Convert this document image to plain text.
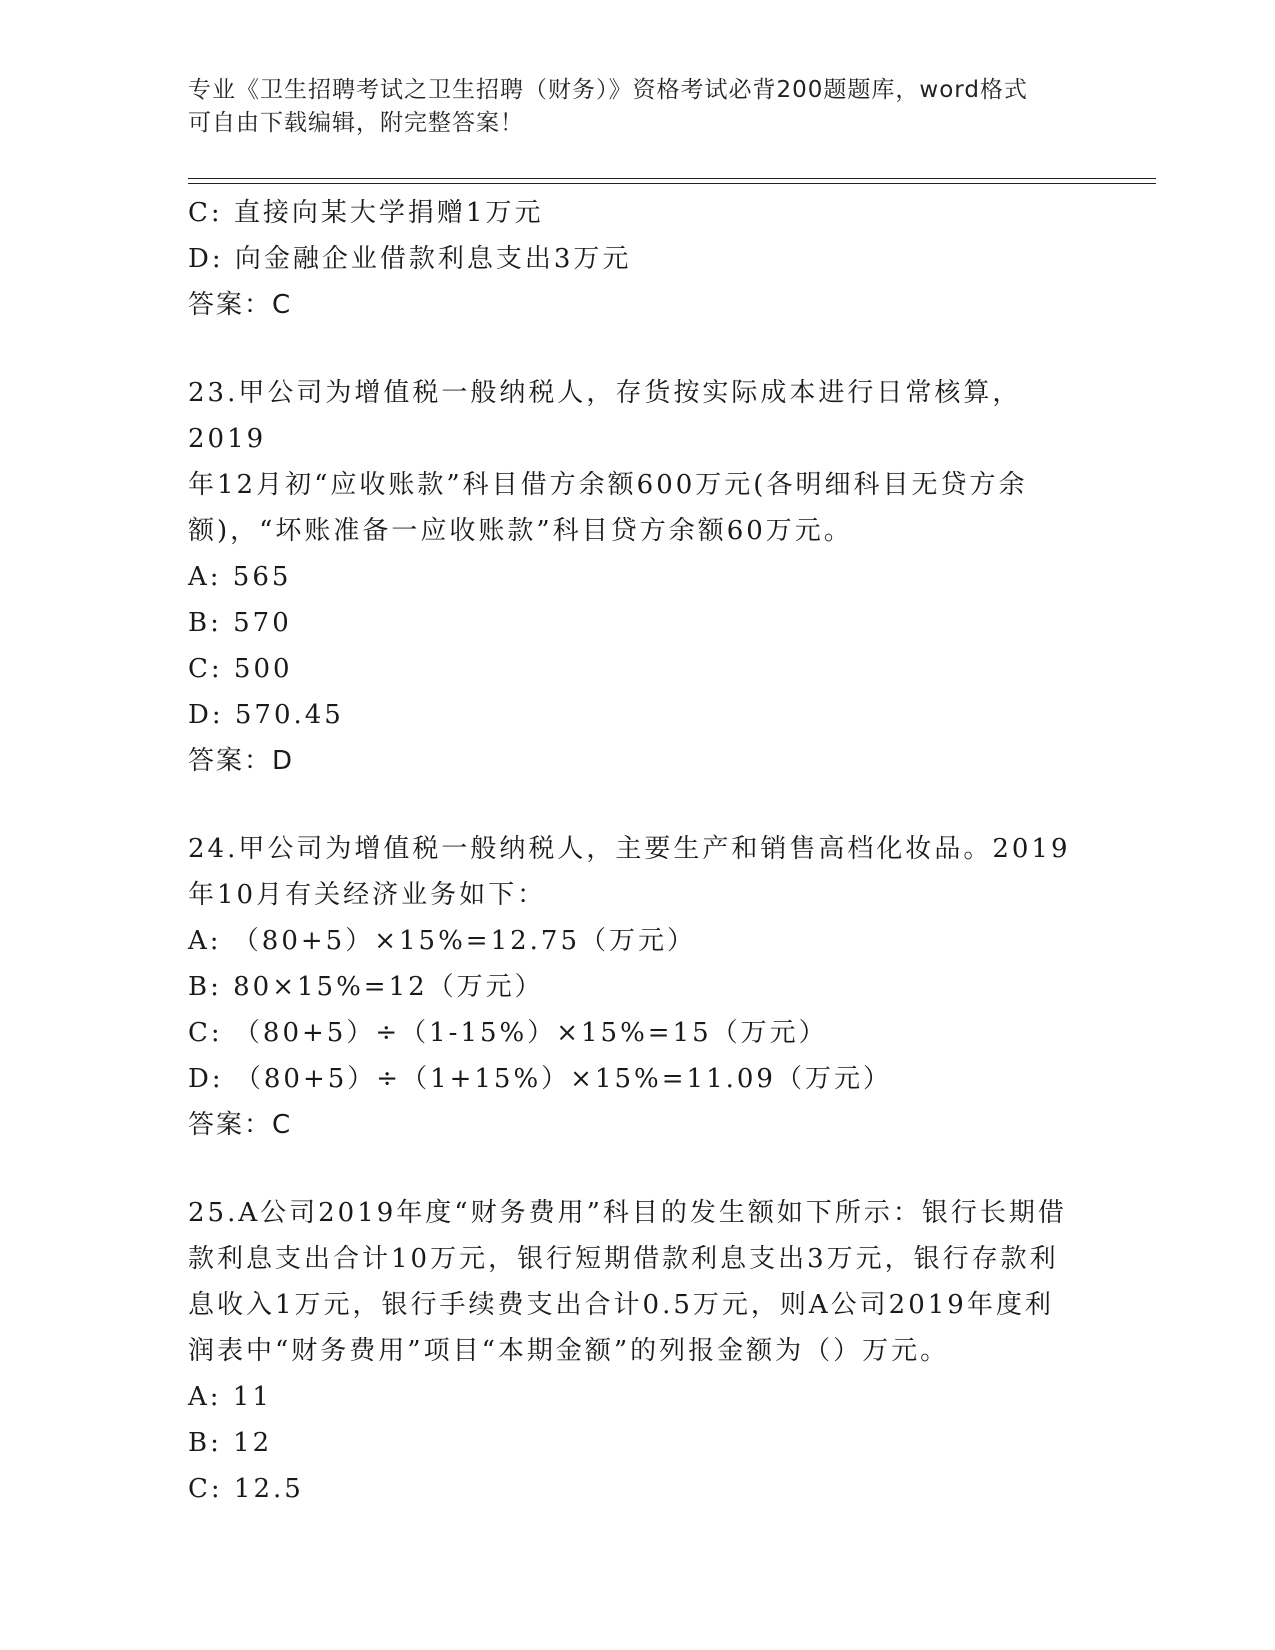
专业《卫生招聘考试之卫生招聘（财务）》资格考试必背200题题库，word格式
可自由下载编辑，附完整答案！
C: 直接向某大学捐赠1万元
D: 向金融企业借款利息支出3万元
答案：C
23.甲公司为增值税一般纳税人，存货按实际成本进行日常核算，2019
年12月初“应收账款”科目借方余额600万元(各明细科目无贷方余
额)，“坏账准备一应收账款”科目贷方余额60万元。
A: 565
B: 570
C: 500
D: 570.45
答案：D
24.甲公司为增值税一般纳税人，主要生产和销售高档化妆品。2019
年10月有关经济业务如下：
A: （80+5）×15%=12.75（万元）
B: 80×15%=12（万元）
C: （80+5）÷（1-15%）×15%=15（万元）
D: （80+5）÷（1+15%）×15%=11.09（万元）
答案：C
25.A公司2019年度“财务费用”科目的发生额如下所示：银行长期借
款利息支出合计10万元，银行短期借款利息支出3万元，银行存款利
息收入1万元，银行手续费支出合计0.5万元，则A公司2019年度利
润表中“财务费用”项目“本期金额”的列报金额为（）万元。
A: 11
B: 12
C: 12.5
